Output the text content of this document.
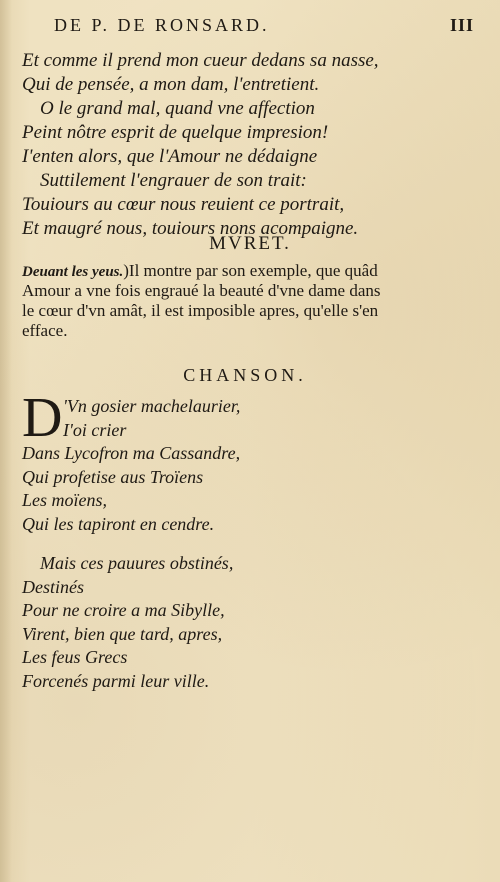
DE P. DE RONSARD.	III
Et comme il prend mon cueur dedans sa nasse,
Qui de pensée, a mon dam, l'entretient.
O le grand mal, quand vne affection
Peint nôtre esprit de quelque impresion!
I'enten alors, que l'Amour ne dédaigne
Suttilement l'engrauer de son trait:
Touiours au cœur nous reuient ce portrait,
Et maugré nous, touiours nons acompaigne.
MVRET.
Deuant les yeus.)Il montre par son exemple, que quâd
Amour a vne fois engraué la beauté d'vne dame dans
le cœur d'vn amât, il est imposible apres, qu'elle s'en
efface.
CHANSON.
D 'Vn gosier machelaurier,
I'oi crier
Dans Lycofron ma Cassandre,
Qui profetise aus Troïens
Les moïens,
Qui les tapiront en cendre.
Mais ces pauures obstinés,
Destinés
Pour ne croire a ma Sibylle,
Virent, bien que tard, apres,
Les feus Grecs
Forcenés parmi leur ville.
